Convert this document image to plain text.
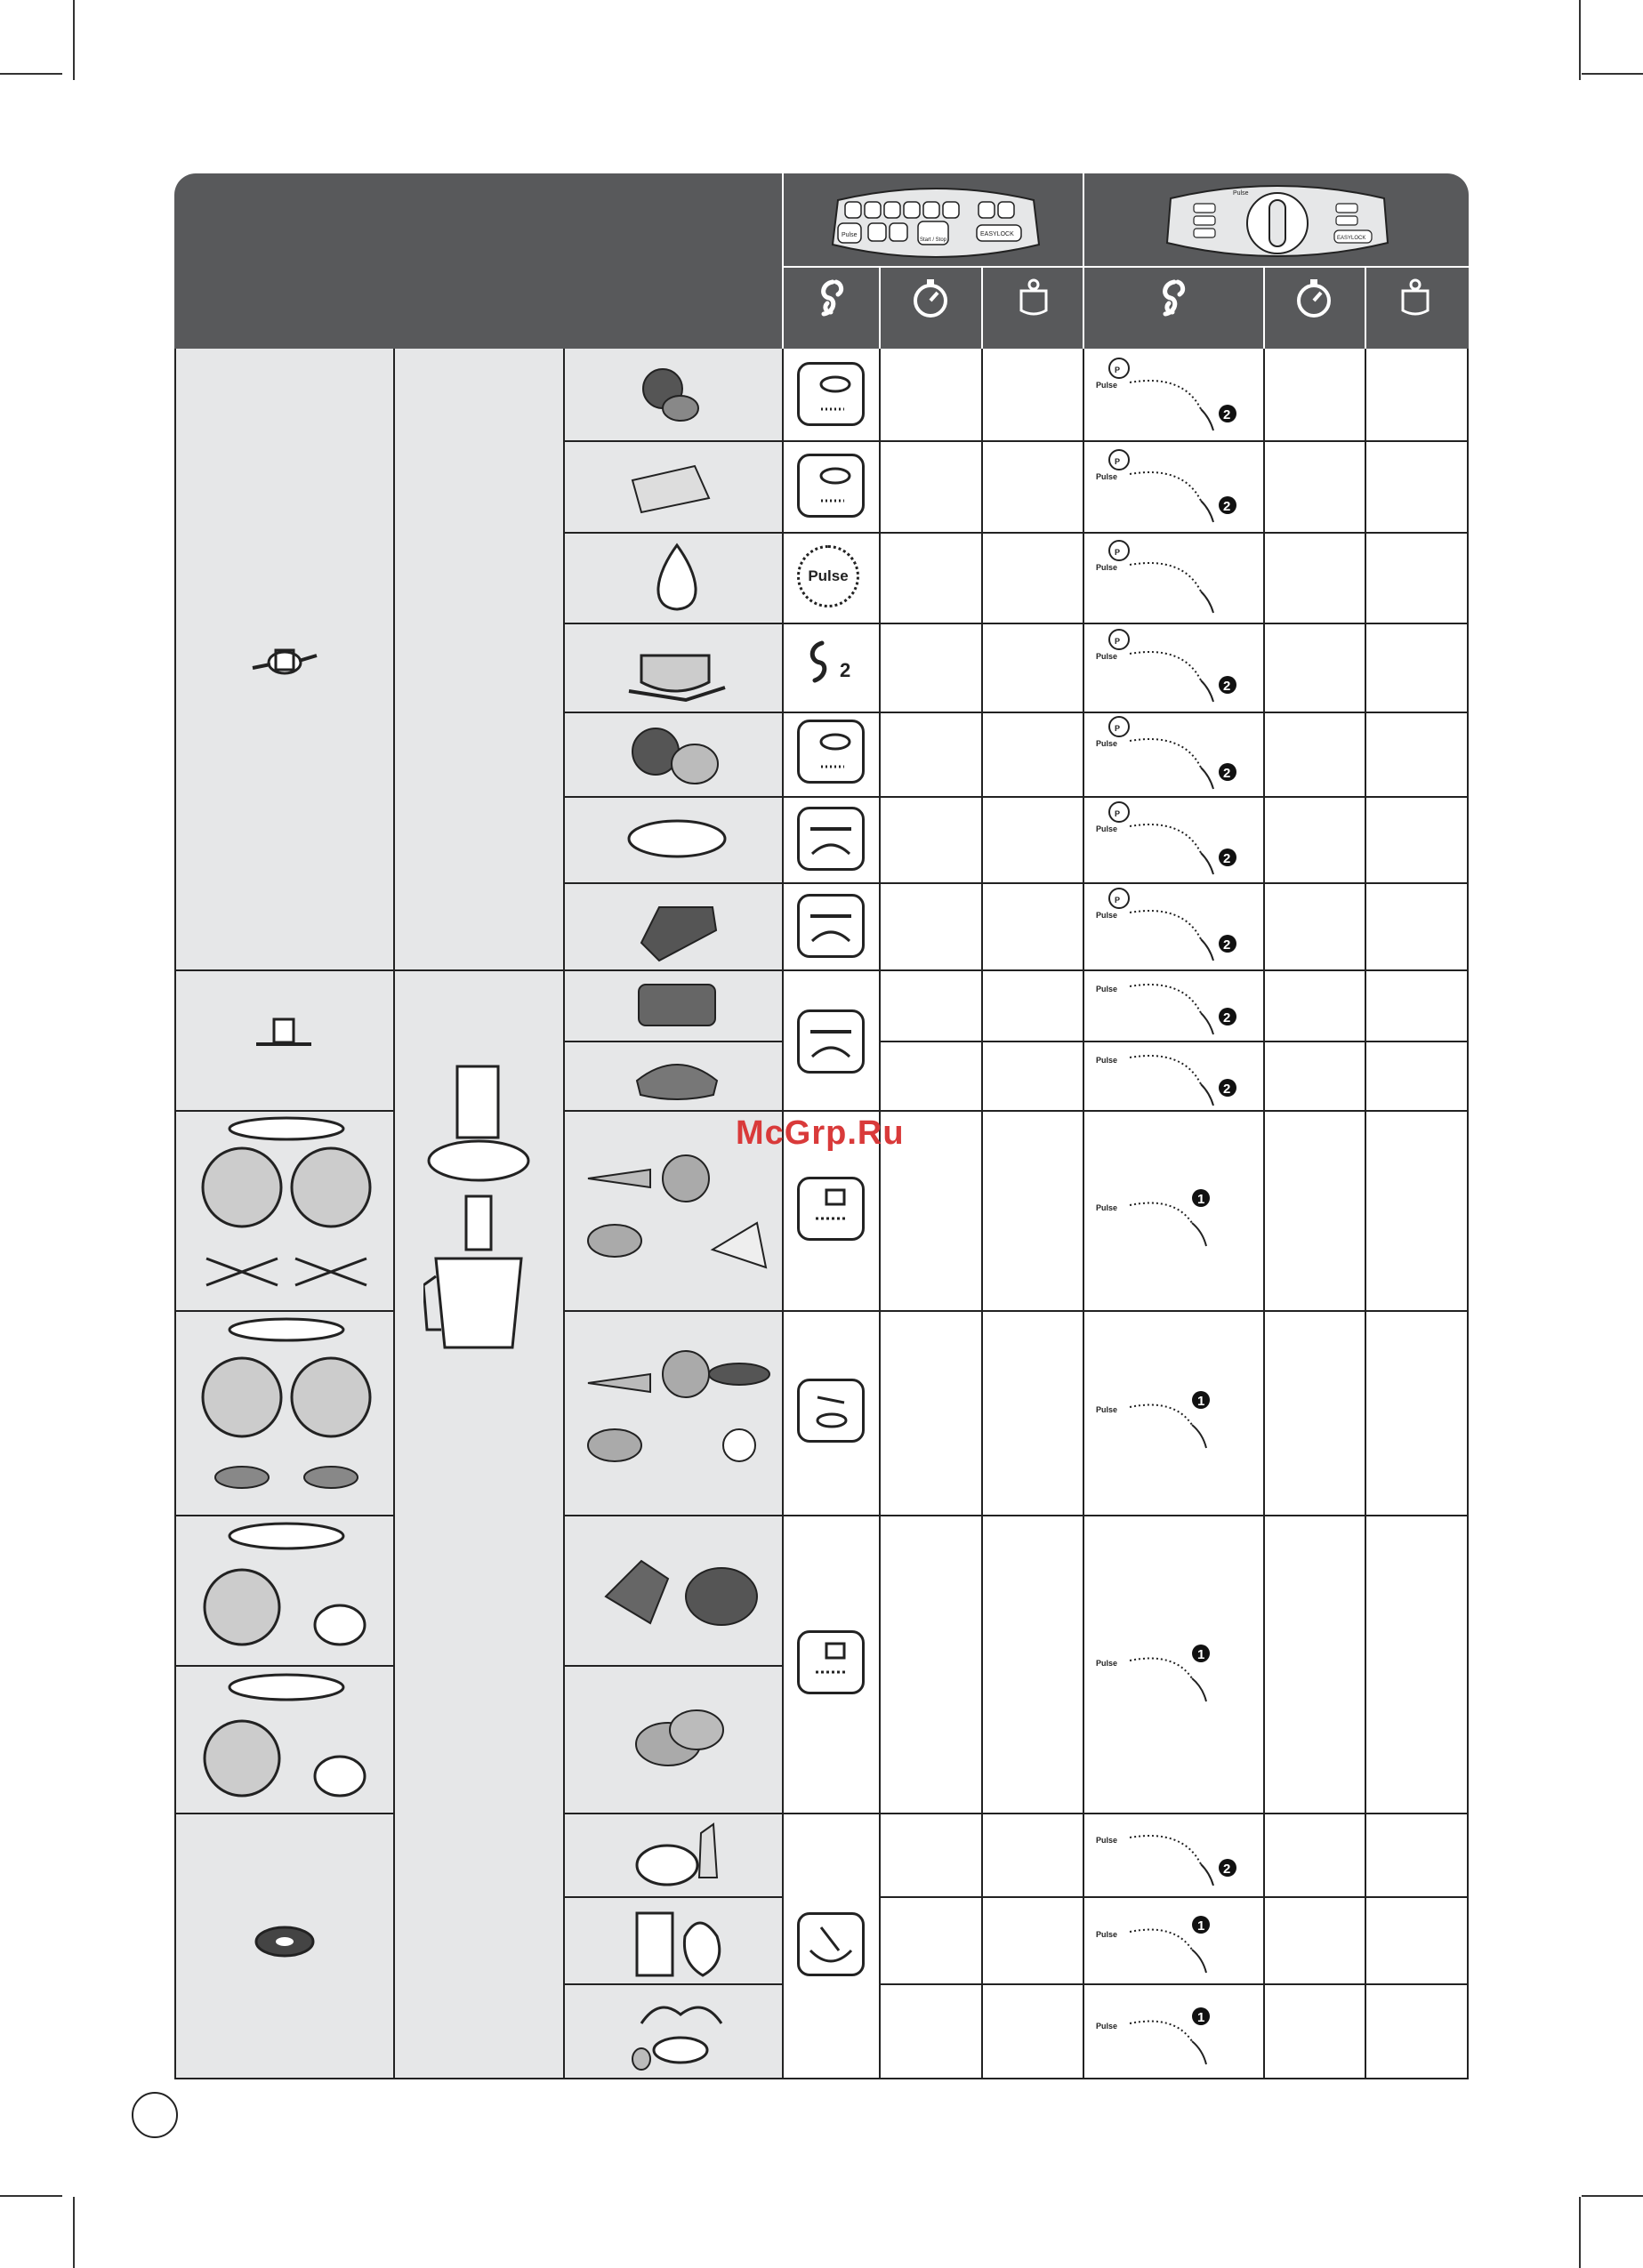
Pulse
Start / Stop
EASYLOCK
Pulse
EASYLOCK
Pulse
2
P
Pulse
2
P
Pulse
2
P
Pulse
P
Pulse
2
P
Pulse
2
P
Pulse
2
P
Pulse
2
Pulse
2
Pulse
2
Pulse
1
Pulse
1
Pulse
1
Pulse
2
Pulse
1
Pulse
1
McGrp.Ru
